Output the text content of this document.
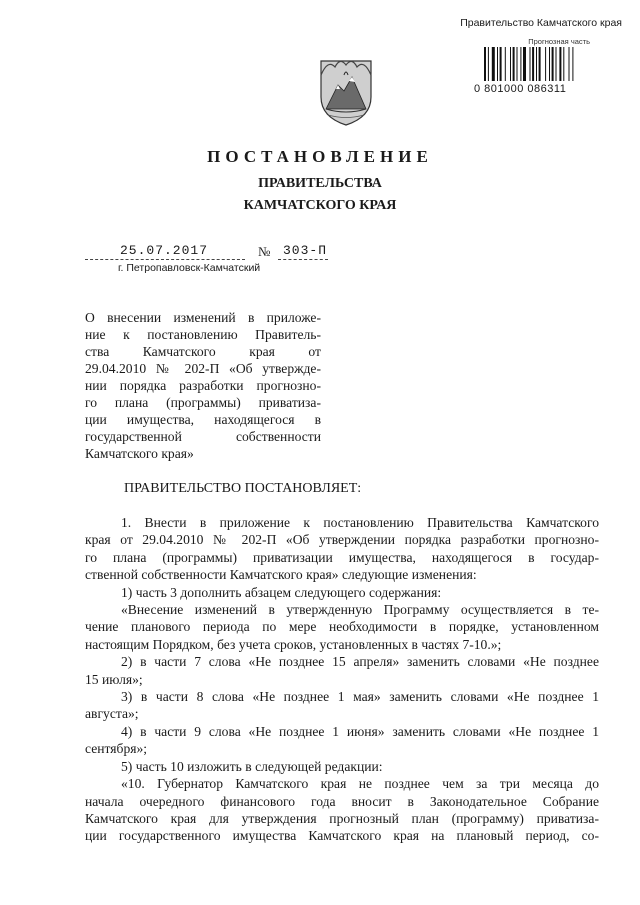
Правительство Камчатского края
Прогнозная часть
0 801000 086311
ПОСТАНОВЛЕНИЕ
ПРАВИТЕЛЬСТВА
КАМЧАТСКОГО КРАЯ
25.07.2017	№ 303-П
г. Петропавловск-Камчатский
О внесении изменений в приложе-
ние к постановлению Правитель-
ства Камчатского края от
29.04.2010 № 202-П «Об утвержде-
нии порядка разработки прогнозно-
го плана (программы) приватиза-
ции имущества, находящегося в
государственной собственности
Камчатского края»
ПРАВИТЕЛЬСТВО ПОСТАНОВЛЯЕТ:
1. Внести в приложение к постановлению Правительства Камчатского
края от 29.04.2010 № 202-П «Об утверждении порядка разработки прогнозно-
го плана (программы) приватизации имущества, находящегося в государ-
ственной собственности Камчатского края» следующие изменения:
1) часть 3 дополнить абзацем следующего содержания:
«Внесение изменений в утвержденную Программу осуществляется в те-
чение планового периода по мере необходимости в порядке, установленном
настоящим Порядком, без учета сроков, установленных в частях 7-10.»;
2) в части 7 слова «Не позднее 15 апреля» заменить словами «Не позднее
15 июля»;
3) в части 8 слова «Не позднее 1 мая» заменить словами «Не позднее 1
августа»;
4) в части 9 слова «Не позднее 1 июня» заменить словами «Не позднее 1
сентября»;
5) часть 10 изложить в следующей редакции:
«10. Губернатор Камчатского края не позднее чем за три месяца до
начала очередного финансового года вносит в Законодательное Собрание
Камчатского края для утверждения прогнозный план (программу) приватиза-
ции государственного имущества Камчатского края на плановый период, со-
